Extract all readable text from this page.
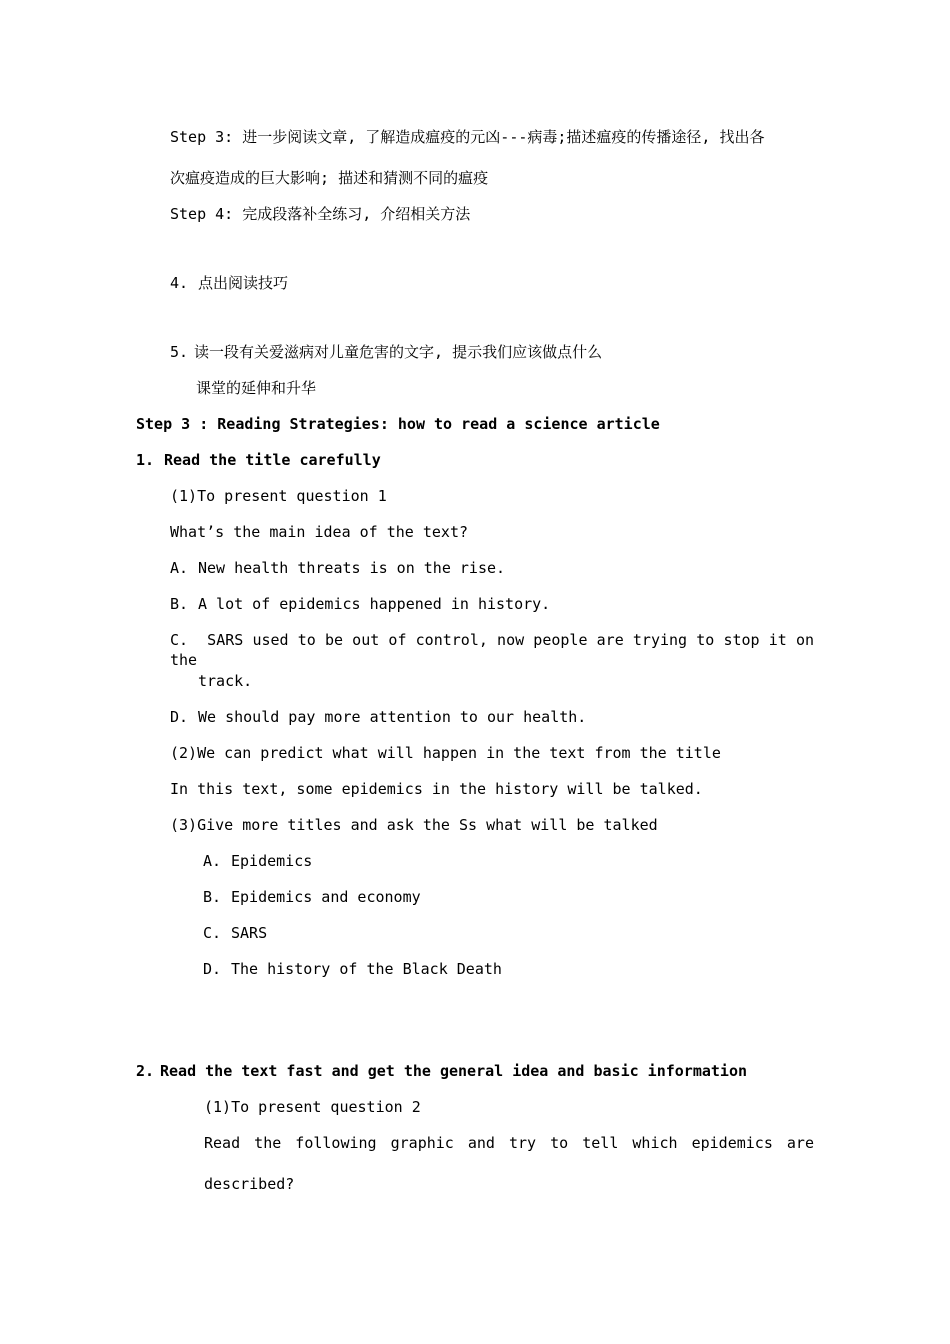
Step 3: 进一步阅读文章, 了解造成瘟疫的元凶---病毒;描述瘟疫的传播途径, 找出各
次瘟疫造成的巨大影响; 描述和猜测不同的瘟疫
Step 4: 完成段落补全练习, 介绍相关方法
4. 点出阅读技巧
5. 读一段有关爱滋病对儿童危害的文字, 提示我们应该做点什么
课堂的延伸和升华
Step 3 : Reading Strategies: how to read a science article
1. Read the title carefully
(1)To present question 1
What’s the main idea of the text?
A. New health threats is on the rise.
B. A lot of epidemics happened in history.
C. SARS used to be out of control, now people are trying to stop it on the
track.
D. We should pay more attention to our health.
(2)We can predict what will happen in the text from the title
In this text, some epidemics in the history will be talked.
(3)Give more titles and ask the Ss what will be talked
A. Epidemics
B. Epidemics and economy
C. SARS
D. The history of the Black Death
2. Read the text fast and get the general idea and basic information
(1)To present question 2
Read the following graphic and try to tell which epidemics are
described?
